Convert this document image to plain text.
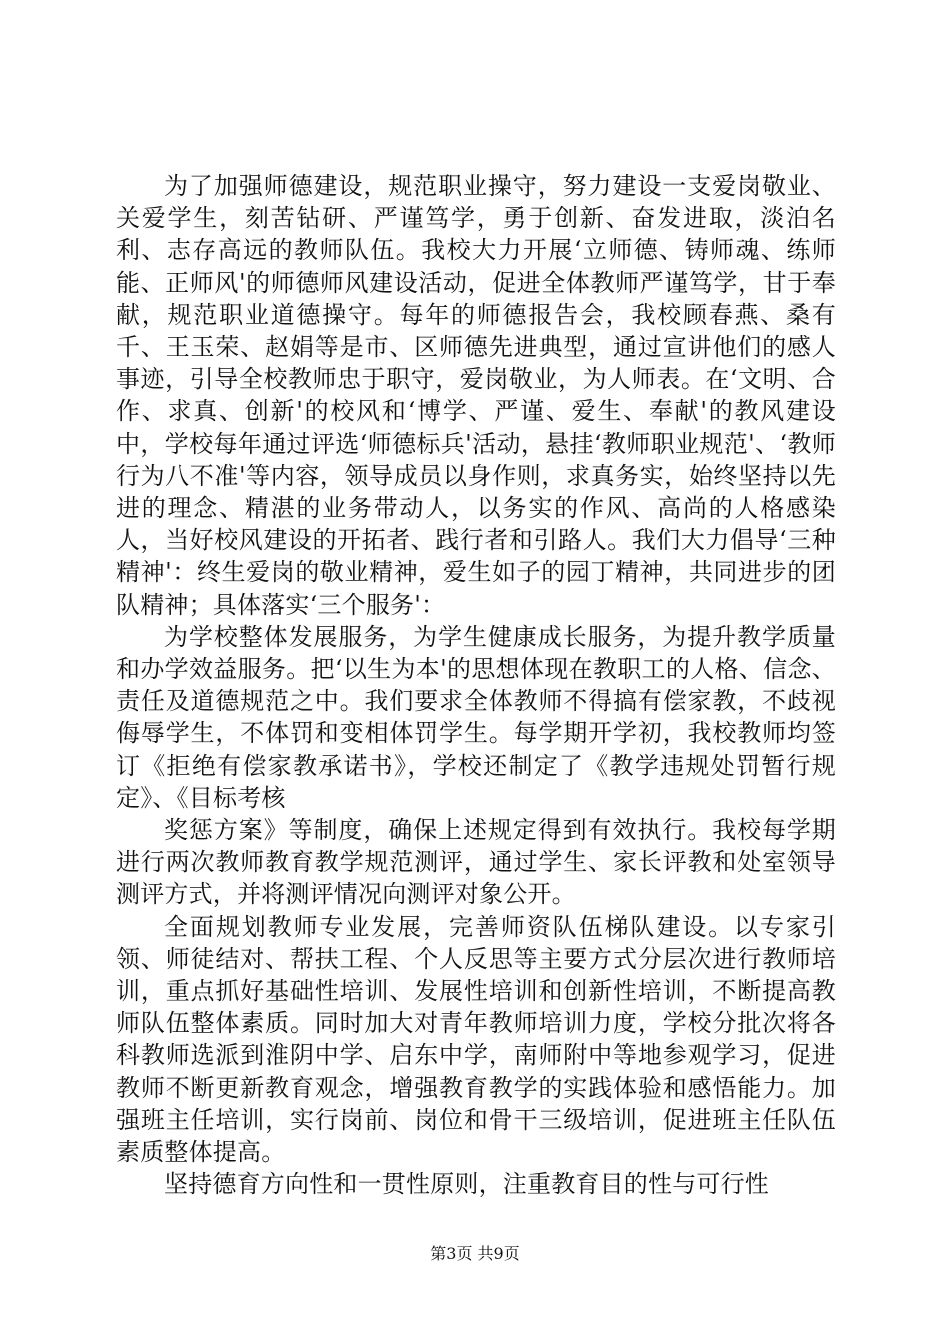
为了加强师德建设，规范职业操守，努力建设一支爱岗敬业、关爱学生，刻苦钻研、严谨笃学，勇于创新、奋发进取，淡泊名利、志存高远的教师队伍。我校大力开展‘立师德、铸师魂、练师能、正师风'的师德师风建设活动，促进全体教师严谨笃学，甘于奉献，规范职业道德操守。每年的师德报告会，我校顾春燕、桑有千、王玉荣、赵娟等是市、区师德先进典型，通过宣讲他们的感人事迹，引导全校教师忠于职守，爱岗敬业，为人师表。在‘文明、合作、求真、创新'的校风和‘博学、严谨、爱生、奉献'的教风建设中，学校每年通过评选‘师德标兵'活动，悬挂‘教师职业规范'、‘教师行为八不准'等内容，领导成员以身作则，求真务实，始终坚持以先进的理念、精湛的业务带动人，以务实的作风、高尚的人格感染人，当好校风建设的开拓者、践行者和引路人。我们大力倡导‘三种精神'：终生爱岗的敬业精神，爱生如子的园丁精神，共同进步的团队精神；具体落实‘三个服务'：

为学校整体发展服务，为学生健康成长服务，为提升教学质量和办学效益服务。把‘以生为本'的思想体现在教职工的人格、信念、责任及道德规范之中。我们要求全体教师不得搞有偿家教，不歧视侮辱学生，不体罚和变相体罚学生。每学期开学初，我校教师均签订《拒绝有偿家教承诺书》，学校还制定了《教学违规处罚暂行规定》、《目标考核

奖惩方案》等制度，确保上述规定得到有效执行。我校每学期进行两次教师教育教学规范测评，通过学生、家长评教和处室领导测评方式，并将测评情况向测评对象公开。

全面规划教师专业发展，完善师资队伍梯队建设。以专家引领、师徒结对、帮扶工程、个人反思等主要方式分层次进行教师培训，重点抓好基础性培训、发展性培训和创新性培训，不断提高教师队伍整体素质。同时加大对青年教师培训力度，学校分批次将各科教师选派到淮阴中学、启东中学，南师附中等地参观学习，促进教师不断更新教育观念，增强教育教学的实践体验和感悟能力。加强班主任培训，实行岗前、岗位和骨干三级培训，促进班主任队伍素质整体提高。

坚持德育方向性和一贯性原则，注重教育目的性与可行性

第3页 共9页
